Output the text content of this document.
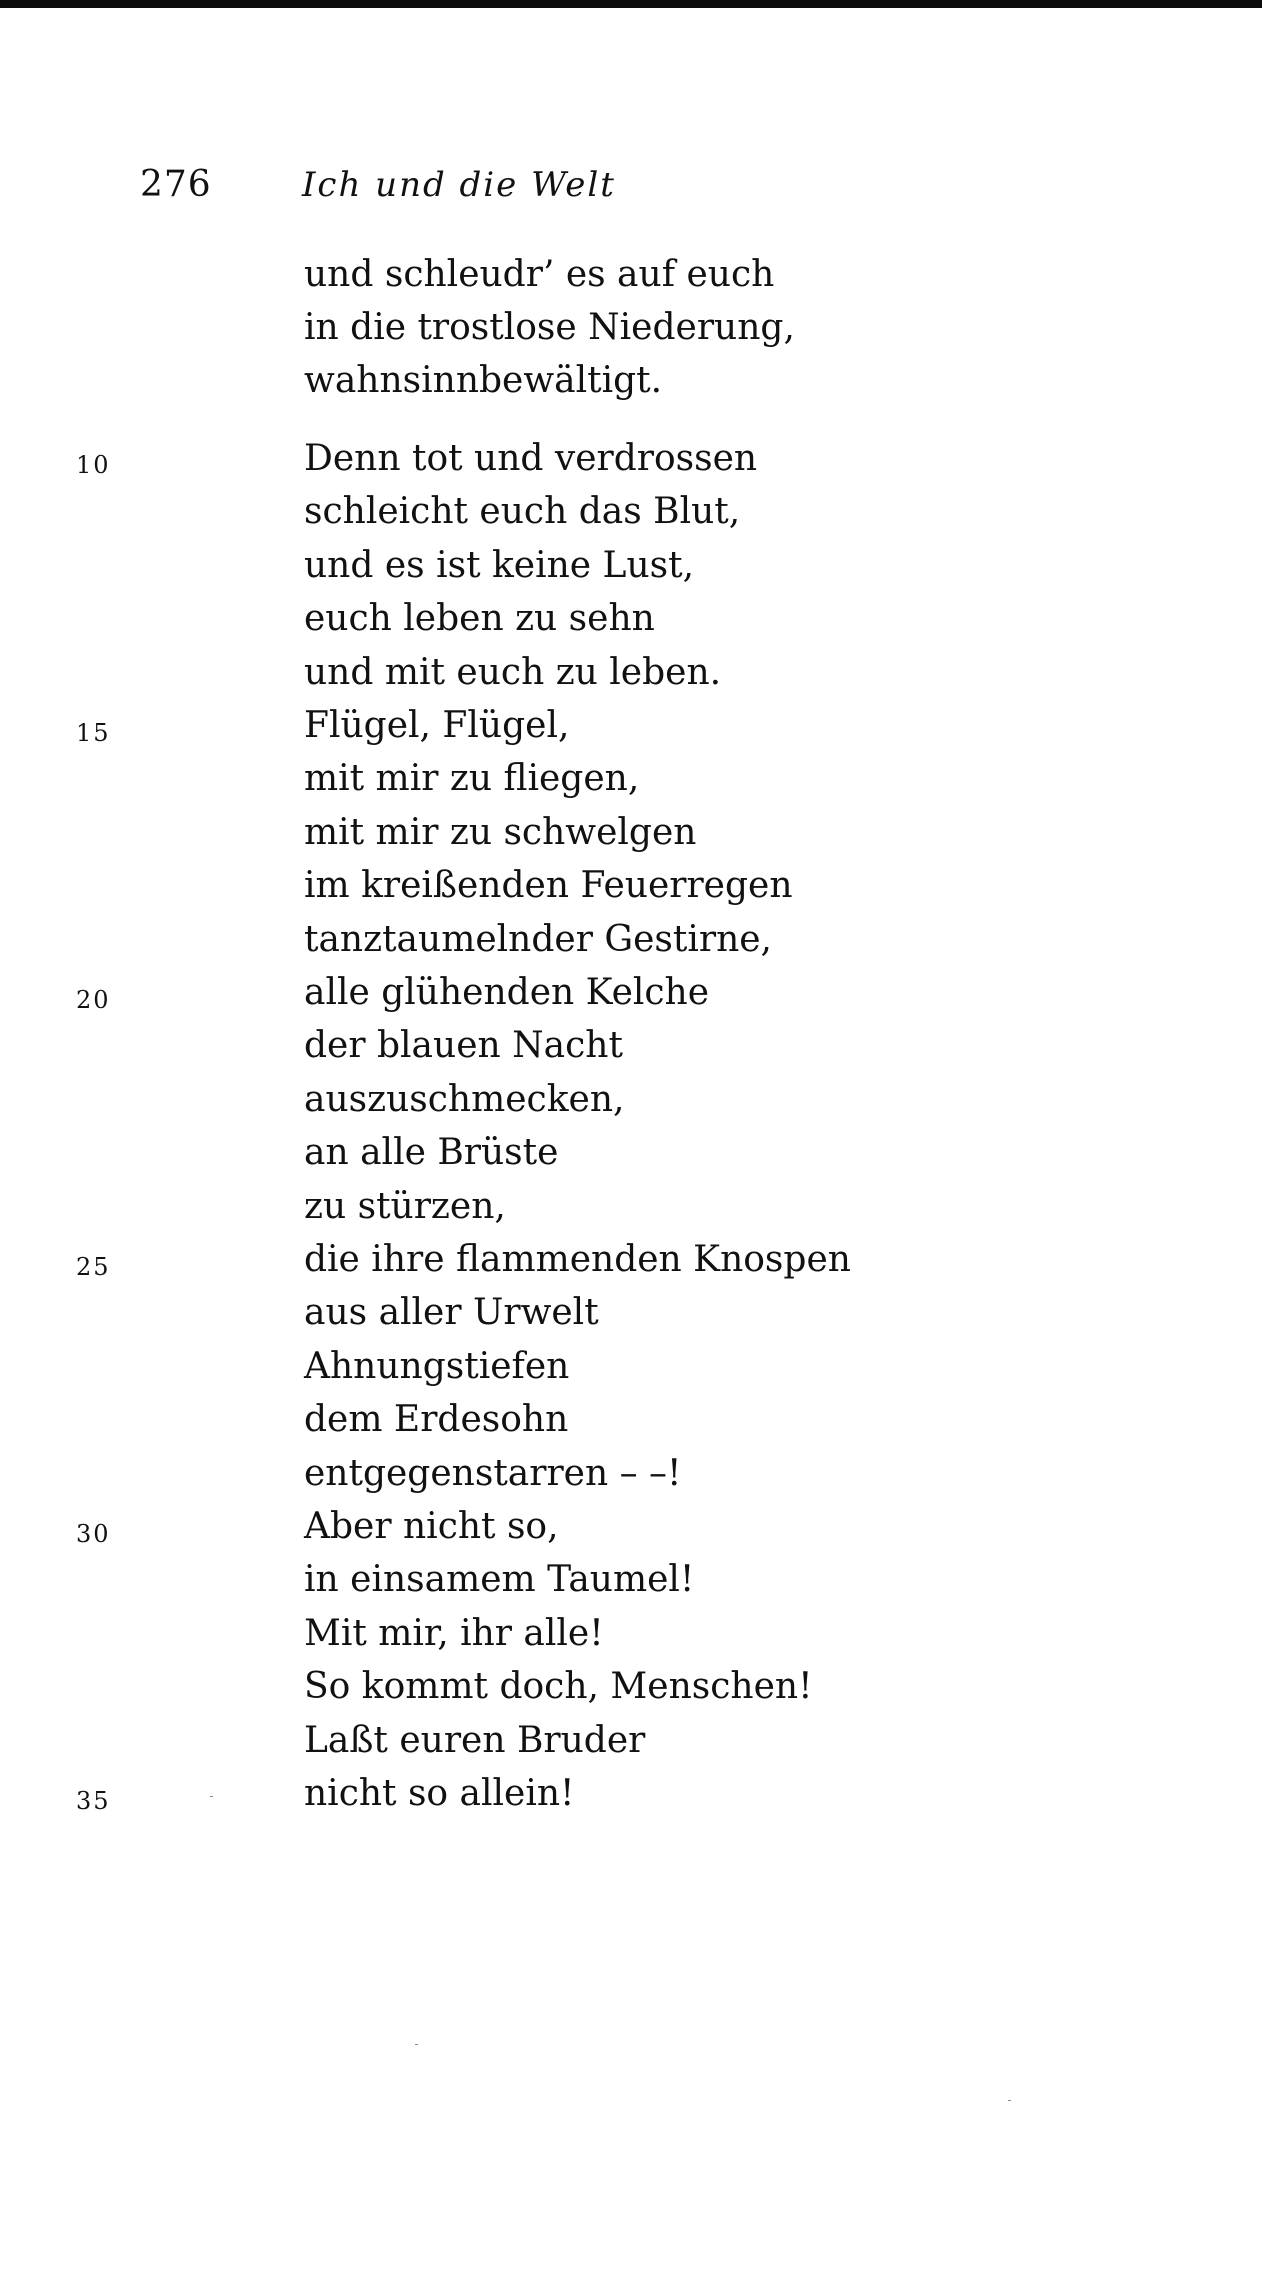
276	Ich und die Welt
und schleudr’ es auf euch
in die trostlose Niederung,
wahnsinnbewältigt.
Denn tot und verdrossen
schleicht euch das Blut,
und es ist keine Lust,
euch leben zu sehn
und mit euch zu leben.
Flügel, Flügel,
mit mir zu fliegen,
mit mir zu schwelgen
im kreißenden Feuerregen
tanztaumelnder Gestirne,
alle glühenden Kelche
der blauen Nacht
auszuschmecken,
an alle Brüste
zu stürzen,
die ihre flammenden Knospen
aus aller Urwelt
Ahnungstiefen
dem Erdesohn
entgegenstarren – –!
Aber nicht so,
in einsamem Taumel!
Mit mir, ihr alle!
So kommt doch, Menschen!
Laßt euren Bruder
nicht so allein!
10
15
20
25
30
35
